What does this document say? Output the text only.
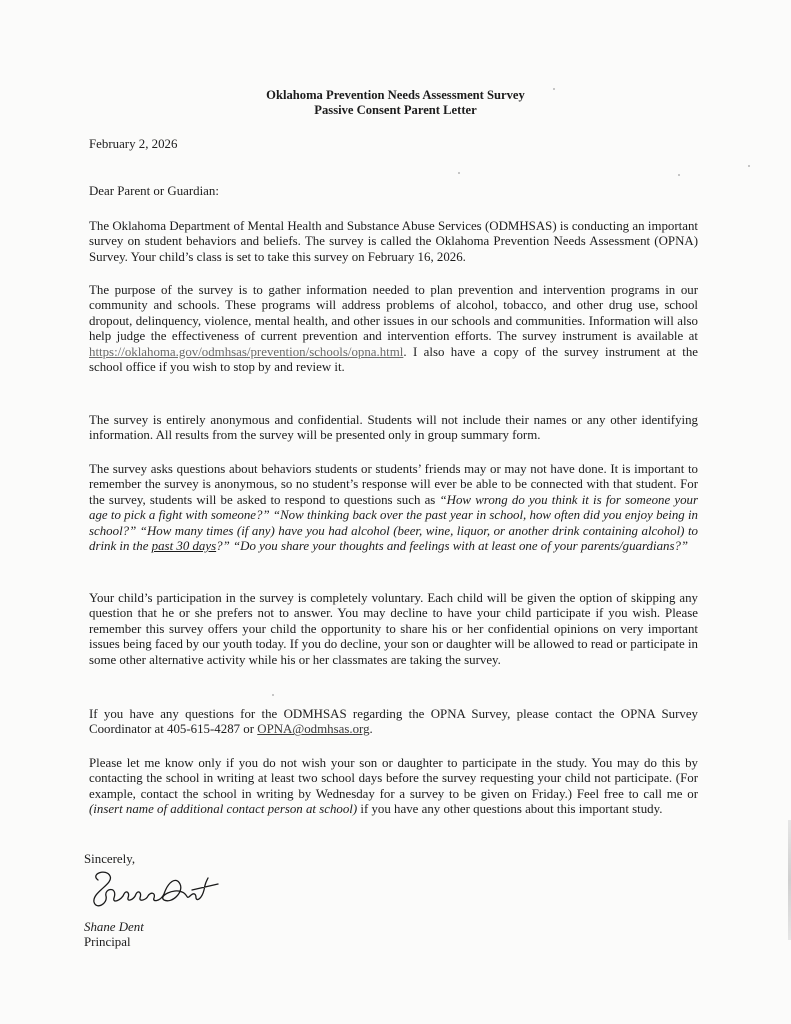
Oklahoma Prevention Needs Assessment Survey
Passive Consent Parent Letter
February 2, 2026
Dear Parent or Guardian:
The Oklahoma Department of Mental Health and Substance Abuse Services (ODMHSAS) is conducting an important survey on student behaviors and beliefs. The survey is called the Oklahoma Prevention Needs Assessment (OPNA) Survey. Your child’s class is set to take this survey on February 16, 2026.
The purpose of the survey is to gather information needed to plan prevention and intervention programs in our community and schools. These programs will address problems of alcohol, tobacco, and other drug use, school dropout, delinquency, violence, mental health, and other issues in our schools and communities. Information will also help judge the effectiveness of current prevention and intervention efforts. The survey instrument is available at https://oklahoma.gov/odmhsas/prevention/schools/opna.html. I also have a copy of the survey instrument at the school office if you wish to stop by and review it.
The survey is entirely anonymous and confidential. Students will not include their names or any other identifying information. All results from the survey will be presented only in group summary form.
The survey asks questions about behaviors students or students’ friends may or may not have done. It is important to remember the survey is anonymous, so no student’s response will ever be able to be connected with that student. For the survey, students will be asked to respond to questions such as “How wrong do you think it is for someone your age to pick a fight with someone?” “Now thinking back over the past year in school, how often did you enjoy being in school?” “How many times (if any) have you had alcohol (beer, wine, liquor, or another drink containing alcohol) to drink in the past 30 days?” “Do you share your thoughts and feelings with at least one of your parents/guardians?”
Your child’s participation in the survey is completely voluntary. Each child will be given the option of skipping any question that he or she prefers not to answer. You may decline to have your child participate if you wish. Please remember this survey offers your child the opportunity to share his or her confidential opinions on very important issues being faced by our youth today. If you do decline, your son or daughter will be allowed to read or participate in some other alternative activity while his or her classmates are taking the survey.
If you have any questions for the ODMHSAS regarding the OPNA Survey, please contact the OPNA Survey Coordinator at 405-615-4287 or OPNA@odmhsas.org.
Please let me know only if you do not wish your son or daughter to participate in the study. You may do this by contacting the school in writing at least two school days before the survey requesting your child not participate. (For example, contact the school in writing by Wednesday for a survey to be given on Friday.) Feel free to call me or (insert name of additional contact person at school) if you have any other questions about this important study.
Sincerely,
Shane Dent
Principal
